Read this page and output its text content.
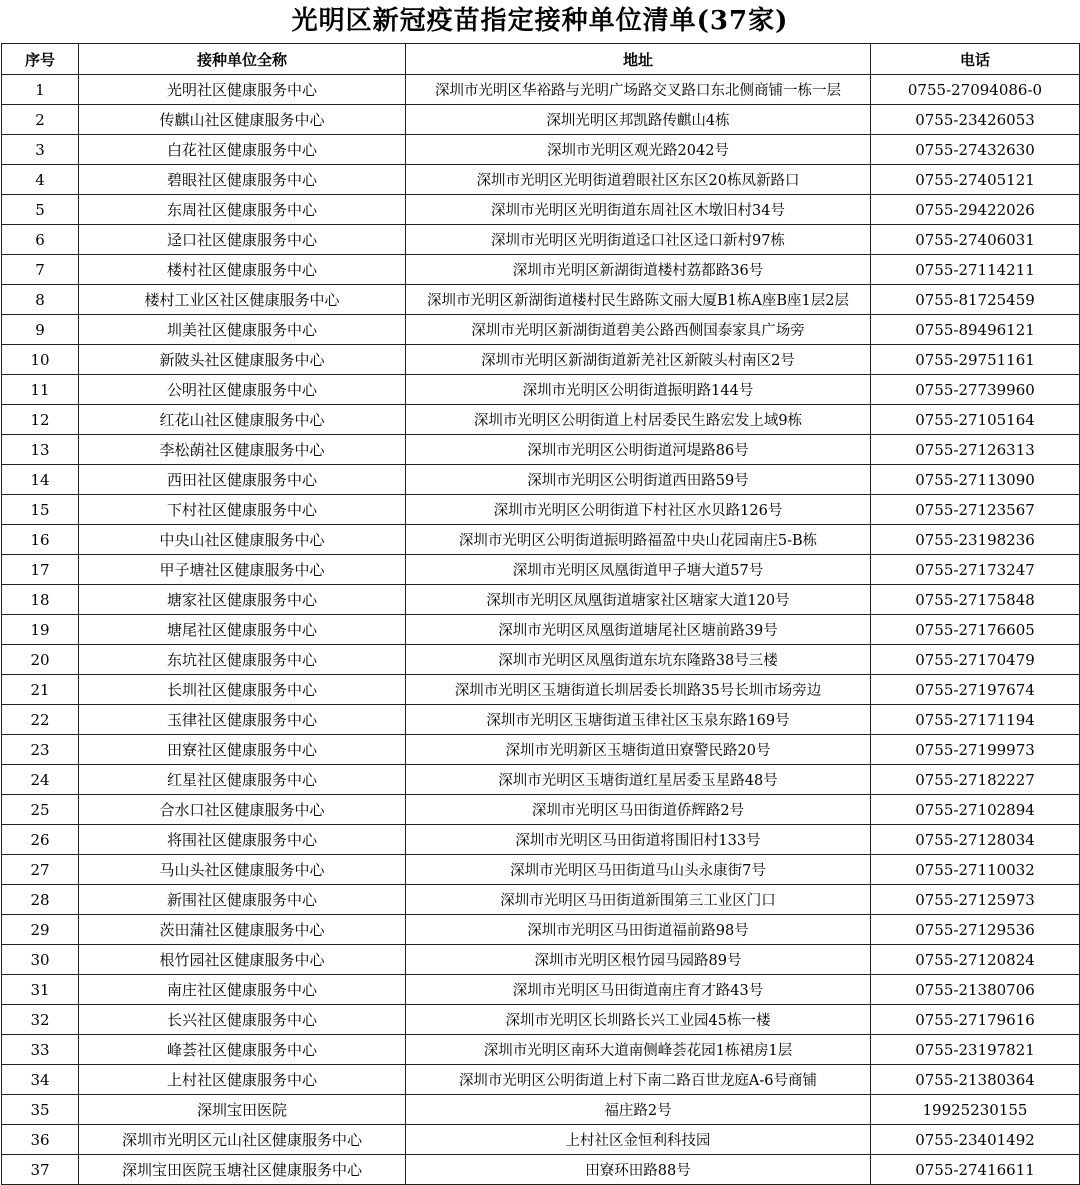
光明区新冠疫苗指定接种单位清单(37家)
序号	接种单位全称	地址	电话
1	光明社区健康服务中心	深圳市光明区华裕路与光明广场路交叉路口东北侧商铺一栋一层	0755-27094086-0
2	传麒山社区健康服务中心	深圳光明区邦凯路传麒山4栋	0755-23426053
3	白花社区健康服务中心	深圳市光明区观光路2042号	0755-27432630
4	碧眼社区健康服务中心	深圳市光明区光明街道碧眼社区东区20栋凤新路口	0755-27405121
5	东周社区健康服务中心	深圳市光明区光明街道东周社区木墩旧村34号	0755-29422026
6	迳口社区健康服务中心	深圳市光明区光明街道迳口社区迳口新村97栋	0755-27406031
7	楼村社区健康服务中心	深圳市光明区新湖街道楼村荔都路36号	0755-27114211
8	楼村工业区社区健康服务中心	深圳市光明区新湖街道楼村民生路陈文丽大厦B1栋A座B座1层2层	0755-81725459
9	圳美社区健康服务中心	深圳市光明区新湖街道碧美公路西侧国泰家具广场旁	0755-89496121
10	新陂头社区健康服务中心	深圳市光明区新湖街道新羌社区新陂头村南区2号	0755-29751161
11	公明社区健康服务中心	深圳市光明区公明街道振明路144号	0755-27739960
12	红花山社区健康服务中心	深圳市光明区公明街道上村居委民生路宏发上域9栋	0755-27105164
13	李松蓢社区健康服务中心	深圳市光明区公明街道河堤路86号	0755-27126313
14	西田社区健康服务中心	深圳市光明区公明街道西田路59号	0755-27113090
15	下村社区健康服务中心	深圳市光明区公明街道下村社区水贝路126号	0755-27123567
16	中央山社区健康服务中心	深圳市光明区公明街道振明路福盈中央山花园南庄5-B栋	0755-23198236
17	甲子塘社区健康服务中心	深圳市光明区凤凰街道甲子塘大道57号	0755-27173247
18	塘家社区健康服务中心	深圳市光明区凤凰街道塘家社区塘家大道120号	0755-27175848
19	塘尾社区健康服务中心	深圳市光明区凤凰街道塘尾社区塘前路39号	0755-27176605
20	东坑社区健康服务中心	深圳市光明区凤凰街道东坑东隆路38号三楼	0755-27170479
21	长圳社区健康服务中心	深圳市光明区玉塘街道长圳居委长圳路35号长圳市场旁边	0755-27197674
22	玉律社区健康服务中心	深圳市光明区玉塘街道玉律社区玉泉东路169号	0755-27171194
23	田寮社区健康服务中心	深圳市光明新区玉塘街道田寮警民路20号	0755-27199973
24	红星社区健康服务中心	深圳市光明区玉塘街道红星居委玉星路48号	0755-27182227
25	合水口社区健康服务中心	深圳市光明区马田街道侨辉路2号	0755-27102894
26	将围社区健康服务中心	深圳市光明区马田街道将围旧村133号	0755-27128034
27	马山头社区健康服务中心	深圳市光明区马田街道马山头永康街7号	0755-27110032
28	新围社区健康服务中心	深圳市光明区马田街道新围第三工业区门口	0755-27125973
29	茨田蒲社区健康服务中心	深圳市光明区马田街道福前路98号	0755-27129536
30	根竹园社区健康服务中心	深圳市光明区根竹园马园路89号	0755-27120824
31	南庄社区健康服务中心	深圳市光明区马田街道南庄育才路43号	0755-21380706
32	长兴社区健康服务中心	深圳市光明区长圳路长兴工业园45栋一楼	0755-27179616
33	峰荟社区健康服务中心	深圳市光明区南环大道南侧峰荟花园1栋裙房1层	0755-23197821
34	上村社区健康服务中心	深圳市光明区公明街道上村下南二路百世龙庭A-6号商铺	0755-21380364
35	深圳宝田医院	福庄路2号	19925230155
36	深圳市光明区元山社区健康服务中心	上村社区金恒利科技园	0755-23401492
37	深圳宝田医院玉塘社区健康服务中心	田寮环田路88号	0755-27416611
